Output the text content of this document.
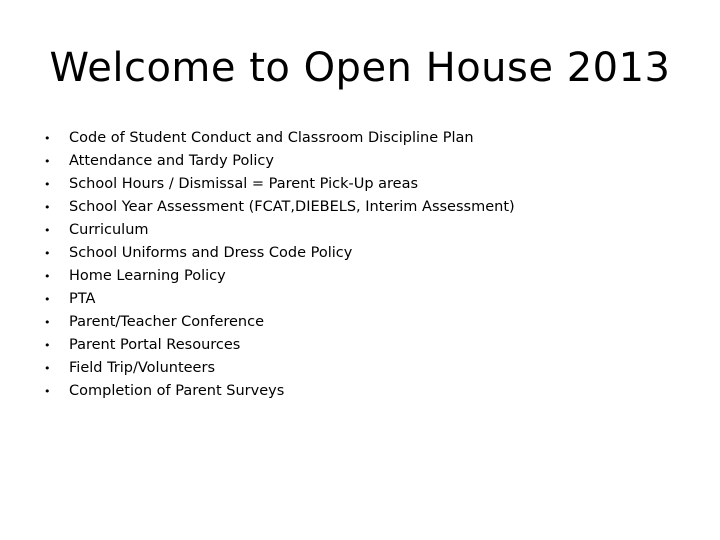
Welcome to Open House 2013
• Code of Student Conduct and Classroom Discipline Plan
• Attendance and Tardy Policy
• School Hours / Dismissal = Parent Pick-Up areas
• School Year Assessment (FCAT,DIEBELS, Interim Assessment)
• Curriculum
• School Uniforms and Dress Code Policy
• Home Learning Policy
• PTA
• Parent/Teacher Conference
• Parent Portal Resources
• Field Trip/Volunteers
• Completion of Parent Surveys
